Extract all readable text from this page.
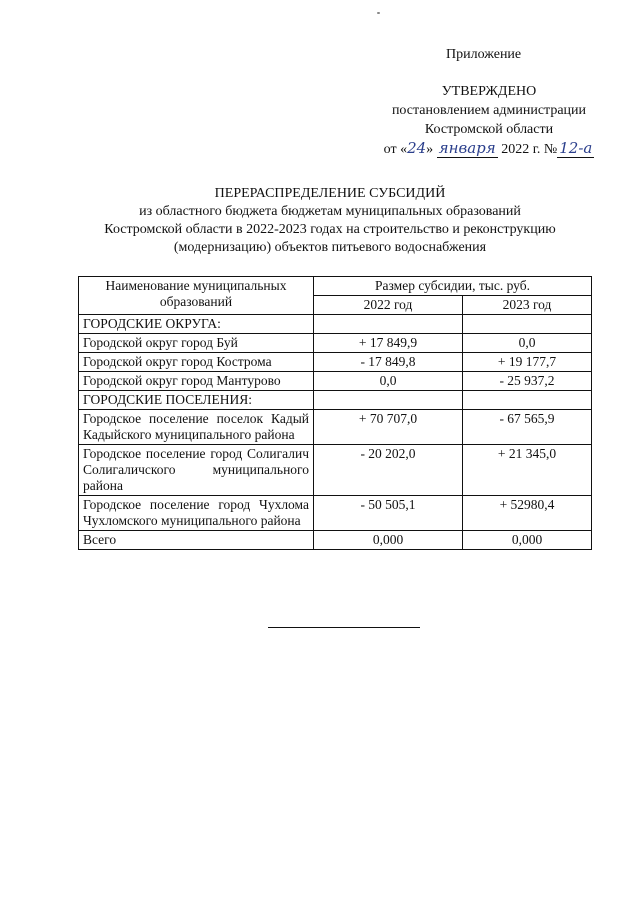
Приложение
УТВЕРЖДЕНО
постановлением администрации
Костромской области
от «24» января 2022 г. № 12-а
ПЕРЕРАСПРЕДЕЛЕНИЕ СУБСИДИЙ
из областного бюджета бюджетам муниципальных образований
Костромской области в 2022-2023 годах на строительство и реконструкцию
(модернизацию) объектов питьевого водоснабжения
Наименование муниципальных образований	Размер субсидии, тыс. руб.	
	2022 год	2023 год
ГОРОДСКИЕ ОКРУГА:		
Городской округ город Буй	+ 17 849,9	0,0
Городской округ город Кострома	- 17 849,8	+ 19 177,7
Городской округ город Мантурово	0,0	- 25 937,2
ГОРОДСКИЕ ПОСЕЛЕНИЯ:		
Городское поселение поселок Кадый Кадыйского муниципального района	+ 70 707,0	- 67 565,9
Городское поселение город Солигалич Солигаличского муниципального района	- 20 202,0	+ 21 345,0
Городское поселение город Чухлома Чухломского муниципального района	- 50 505,1	+ 52980,4
Всего	0,000	0,000
